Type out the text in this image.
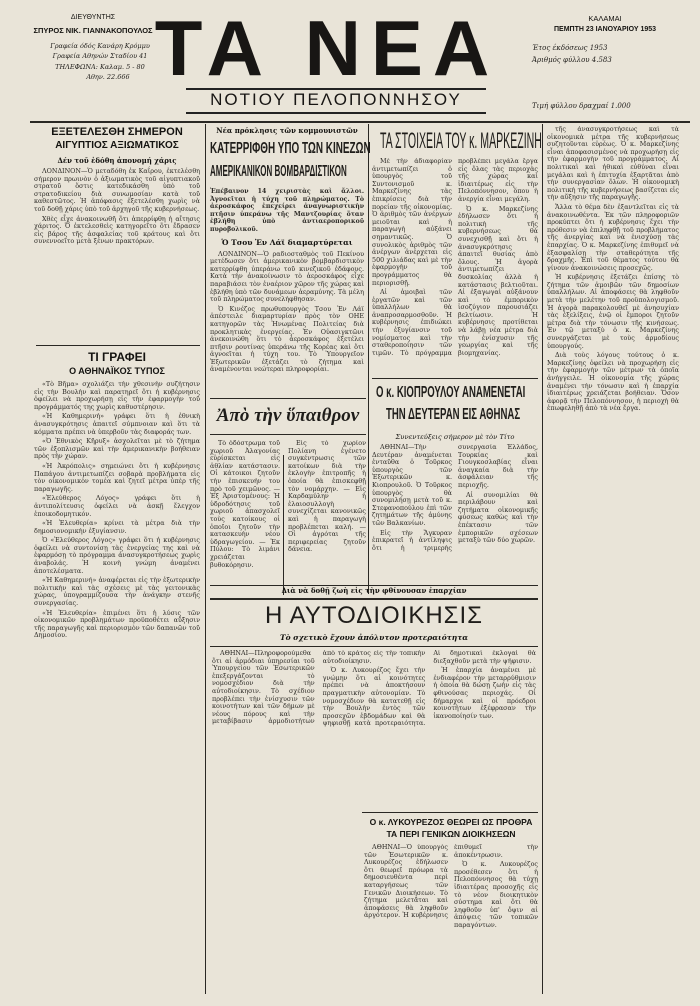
ΔΙΕΥΘΥΝΤΗΣ
ΣΠΥΡΟΣ ΝΙΚ. ΓΙΑΝΝΑΚΟΠΟΥΛΟΣ
Γραφεία όδός Κανάρη Κρόμμυ
Γραφεία Αθηνών Σταδίου 41
ΤΗΛΕΦΩΝΑ: Καλαμ. 5 - 80
Αθην. 22.666 ΤΑ ΝΕΑ
ΝΟΤΙΟΥ ΠΕΛΟΠΟΝΝΗΣΟΥ
ΚΑΛΑΜΑΙ
ΠΕΜΠΤΗ 23 ΙΑΝΟΥΑΡΙΟΥ 1953
Έτος έκδόσεως 1953
Άριθμός φύλλου 4.583
Τιμή φύλλου δραχμαί 1.000
ΕΞΕΤΕΛΕΣΘΗ ΣΗΜΕΡΟΝ
ΑΙΓΥΠΤΙΟΣ ΑΞΙΩΜΑΤΙΚΟΣ
Δέν τοῦ ἐδόθη ἀπονομή χάρις

ΛΟΝΔΙΝΟΝ—Ὁ μεταδόθη ἐκ Καΐρου, ἐκτελέσθη σήμερον πρωινὸν ὁ ἀξιωματικὸς τοῦ αἰγυπτιακοῦ στρατοῦ ὅστις κατεδικάσθη ὑπὸ τοῦ στρατοδικείου διὰ συνωμοσίαν κατὰ τοῦ καθεστῶτος. Ἡ ἀπόφασις ἐξετελέσθη χωρὶς νὰ τοῦ δοθῇ χάρις ὑπὸ τοῦ ἀρχηγοῦ τῆς κυβερνήσεως.

Χθὲς εἶχε ἀνακοινωθῆ ὅτι ἀπερρίφθη ἡ αἴτησις χάριτος. Ὁ ἐκτελεσθεὶς κατηγορεῖτο ὅτι ἔδρασεν εἰς βάρος τῆς ἀσφαλείας τοῦ κράτους καὶ ὅτι συνεννοεῖτο μετὰ ξένων πρακτόρων.

ΤΙ ΓΡΑΦΕΙ
Ο ΑΘΗΝΑΪΚΟΣ ΤΥΠΟΣ

«Τὸ Βῆμα» σχολιάζει τὴν χθεσινὴν συζήτησιν εἰς τὴν Βουλὴν καὶ παρατηρεῖ ὅτι ἡ κυβέρνησις ὀφείλει νὰ προχωρήσῃ εἰς τὴν ἐφαρμογὴν τοῦ προγράμματός της χωρὶς καθυστέρησιν.

«Ἡ Καθημερινή» γράφει ὅτι ἡ ἐθνικὴ ἀνασυγκρότησις ἀπαιτεῖ σύμπνοιαν καὶ ὅτι τὰ κόμματα πρέπει νὰ ὑπερβοῦν τὰς διαφοράς των.

«Ὁ Ἐθνικὸς Κῆρυξ» ἀσχολεῖται μὲ τὸ ζήτημα τῶν ἐξοπλισμῶν καὶ τὴν ἀμερικανικὴν βοήθειαν πρὸς τὴν χώραν.

«Ἡ Ἀκρόπολις» σημειώνει ὅτι ἡ κυβέρνησις Παπάγου ἀντιμετωπίζει σοβαρὰ προβλήματα εἰς τὸν οἰκονομικὸν τομέα καὶ ζητεῖ μέτρα ὑπὲρ τῆς παραγωγῆς.

«Ἐλεύθερος Λόγος» γράφει ὅτι ἡ ἀντιπολίτευσις ὀφείλει νὰ ἀσκῇ ἔλεγχον ἐποικοδομητικόν.

«Ἡ Ἐλευθερία» κρίνει τὰ μέτρα διὰ τὴν δημοσιονομικὴν ἐξυγίανσιν.

Ὁ «Ἐλεύθερος Λόγος» γράφει ὅτι ἡ κυβέρνησις ὀφείλει νὰ συντονίσῃ τὰς ἐνεργείας της καὶ νὰ ἐφαρμόσῃ τὸ πρόγραμμα ἀνασυγκροτήσεως χωρὶς ἀναβολάς. Ἡ κοινὴ γνώμη ἀναμένει ἀποτελέσματα.

«Ἡ Καθημερινή» ἀναφέρεται εἰς τὴν ἐξωτερικὴν πολιτικὴν καὶ τὰς σχέσεις μὲ τὰς γειτονικὰς χώρας, ὑπογραμμίζουσα τὴν ἀνάγκην στενῆς συνεργασίας.

«Ἡ Ἐλευθερία» ἐπιμένει ὅτι ἡ λύσις τῶν οἰκονομικῶν προβλημάτων προϋποθέτει αὔξησιν τῆς παραγωγῆς καὶ περιορισμὸν τῶν δαπανῶν τοῦ Δημοσίου.

Νέα πρόκλησις τῶν κομμουνιστῶν
ΚΑΤΕΡΡΙΦΘΗ ΥΠΟ ΤΩΝ ΚΙΝΕΖΩΝ
ΑΜΕΡΙΚΑΝΙΚΟΝ ΒΟΜΒΑΡΔΙΣΤΙΚΟΝ
Ἐπέβαινον 14 χειριστὰς καὶ ἄλλοι. Ἀγνοεῖται ἡ τύχη τοῦ πληρώματος. Τὸ ἀεροσκάφος ἐπεχείρει ἀναγνωριστικὴν πτῆσιν ὑπεράνω τῆς Μαντζουρίας ὅταν ἐβλήθη ὑπὸ ἀντιαεροπορικοῦ πυροβολικοῦ.
Ὁ Τσου Ἐν Λάϊ διαμαρτύρεται

ΛΟΝΔΙΝΟΝ—Ὁ ραδιοσταθμὸς τοῦ Πεκίνου μετέδωσεν ὅτι ἀμερικανικὸν βομβαρδιστικὸν κατερρίφθη ὑπεράνω τοῦ κινεζικοῦ ἐδάφους. Κατὰ τὴν ἀνακοίνωσιν τὸ ἀεροσκάφος εἶχε παραβιάσει τὸν ἐναέριον χῶρον τῆς χώρας καὶ ἐβλήθη ὑπὸ τῶν δυνάμεων ἀεραμύνης. Τὰ μέλη τοῦ πληρώματος συνελήφθησαν.

Ὁ Κινέζος πρωθυπουργὸς Τσου Ἐν Λάϊ ἀπέστειλε διαμαρτυρίαν πρὸς τὸν ΟΗΕ κατηγορῶν τὰς Ἡνωμένας Πολιτείας διὰ προκλητικὰς ἐνεργείας. Ἐν Οὐασιγκτῶνι ἀνεκοινώθη ὅτι τὸ ἀεροσκάφος ἐξετέλει πτῆσιν ρουτίνας ὑπεράνω τῆς Κορέας καὶ ὅτι ἀγνοεῖται ἡ τύχη του. Τὸ Ὑπουργεῖον Ἐξωτερικῶν ἐξετάζει τὸ ζήτημα καὶ ἀναμένονται νεώτεραι πληροφορίαι.

ΤΑ ΣΤΟΙΧΕΙΑ ΤΟΥ κ. ΜΑΡΚΕΖΙΝΗ

Μὲ τὴν ἀδιαφορίαν ἀντιμετωπίζει ὁ ὑπουργὸς τοῦ Συντονισμοῦ κ. Μαρκεζίνης τὰς ἐπικρίσεις διὰ τὴν πορείαν τῆς οἰκονομίας. Ὁ ἀριθμὸς τῶν ἀνέργων μειοῦται καὶ ἡ παραγωγὴ αὐξάνει σημαντικῶς. Ὁ συνολικὸς ἀριθμὸς τῶν ἀνέργων ἀνέρχεται εἰς 500 χιλιάδας καὶ μὲ τὴν ἐφαρμογὴν τοῦ προγράμματος θὰ περιορισθῇ.

Αἱ ἀμοιβαὶ τῶν ἐργατῶν καὶ τῶν ὑπαλλήλων θὰ ἀναπροσαρμοσθοῦν. Ἡ κυβέρνησις ἐπιδιώκει τὴν ἐξυγίανσιν τοῦ νομίσματος καὶ τὴν σταθεροποίησιν τῶν τιμῶν. Τὸ πρόγραμμα προβλέπει μεγάλα ἔργα εἰς ὅλας τὰς περιοχὰς τῆς χώρας καὶ ἰδιαιτέρως εἰς τὴν Πελοπόννησον, ὅπου ἡ ἀνεργία εἶναι μεγάλη.

Ὁ κ. Μαρκεζίνης ἐδήλωσεν ὅτι ἡ πολιτικὴ τῆς κυβερνήσεως θὰ συνεχισθῇ καὶ ὅτι ἡ ἀνασυγκρότησις ἀπαιτεῖ θυσίας ἀπὸ ὅλους. Ἡ ἀγορὰ ἀντιμετωπίζει δυσκολίας ἀλλὰ ἡ κατάστασις βελτιοῦται. Αἱ ἐξαγωγαὶ αὐξάνουν καὶ τὸ ἐμπορικὸν ἰσοζύγιον παρουσιάζει βελτίωσιν. Ἡ κυβέρνησις προτίθεται νὰ λάβῃ νέα μέτρα διὰ τὴν ἐνίσχυσιν τῆς γεωργίας καὶ τῆς βιομηχανίας.

Ο κ. ΚΙΟΠΡΟΥΛΟΥ ΑΝΑΜΕΝΕΤΑΙ
ΤΗΝ ΔΕΥΤΕΡΑΝ ΕΙΣ ΑΘΗΝΑΣ
Συνεντεύξεις σήμερον μὲ τὸν Τίτο

ΑΘΗΝΑΙ—Τὴν Δευτέραν ἀναμένεται ἐνταῦθα ὁ Τοῦρκος ὑπουργὸς τῶν Ἐξωτερικῶν κ. Κιοπρουλοῦ. Ὁ Τοῦρκος ὑπουργὸς θὰ συνομιλήσῃ μετὰ τοῦ κ. Στεφανοπούλου ἐπὶ τῶν ζητημάτων τῆς ἀμύνης τῶν Βαλκανίων.

Εἰς τὴν Ἄγκυραν ἐπικρατεῖ ἡ ἀντίληψις ὅτι ἡ τριμερὴς συνεργασία Ἑλλάδος, Τουρκίας καὶ Γιουγκοσλαβίας εἶναι ἀναγκαία διὰ τὴν ἀσφάλειαν τῆς περιοχῆς.

Αἱ συνομιλίαι θὰ περιλάβουν καὶ ζητήματα οἰκονομικῆς φύσεως καθὼς καὶ τὴν ἐπέκτασιν τῶν ἐμπορικῶν σχέσεων μεταξὺ τῶν δύο χωρῶν.

Ἀπὸ τὴν ὕπαιθρον

Τὸ ὁδόστρωμα τοῦ χωριοῦ Ἀλαγονίας εὑρίσκεται εἰς ἀθλίαν κατάστασιν. Οἱ κάτοικοι ζητοῦν τὴν ἐπισκευήν του πρὸ τοῦ χειμῶνος. — Ἐξ Ἀριστομένους: Ἡ ὑδροδότησις τοῦ χωριοῦ ἀπασχολεῖ τοὺς κατοίκους οἱ ὁποῖοι ζητοῦν τὴν κατασκευὴν νέου ὑδραγωγείου. — Ἐκ Πύλου: Τὸ λιμάνι χρειάζεται βυθοκόρησιν.

Εἰς τὸ χωρίον Πολίανη ἐγένετο συγκέντρωσις τῶν κατοίκων διὰ τὴν ἐκλογὴν ἐπιτροπῆς ἡ ὁποία θὰ ἐπισκεφθῇ τὸν νομάρχην. — Εἰς Καρδαμύλην ἡ ἐλαιοσυλλογὴ συνεχίζεται κανονικῶς καὶ ἡ παραγωγὴ προβλέπεται καλή. — Οἱ ἀγρόται τῆς περιφερείας ζητοῦν δάνεια.

Διὰ νὰ δοθῇ ζωὴ εἰς τὴν φθίνουσαν ἐπαρχίαν
Η ΑΥΤΟΔΙΟΙΚΗΣΙΣ
Τὸ σχετικὸ ἔχουν ἀπόλυτον προτεραιότητα

ΑΘΗΝΑΙ—Πληροφορούμεθα ὅτι αἱ ἁρμόδιαι ὑπηρεσίαι τοῦ Ὑπουργείου τῶν Ἐσωτερικῶν ἐπεξεργάζονται τὸ νομοσχέδιον διὰ τὴν αὐτοδιοίκησιν. Τὸ σχέδιον προβλέπει τὴν ἐνίσχυσιν τῶν κοινοτήτων καὶ τῶν δήμων μὲ νέους πόρους καὶ τὴν μεταβίβασιν ἁρμοδιοτήτων ἀπὸ τὸ κράτος εἰς τὴν τοπικὴν αὐτοδιοίκησιν.

Ὁ κ. Λυκουρέζος ἔχει τὴν γνώμην ὅτι αἱ κοινότητες πρέπει νὰ ἀποκτήσουν πραγματικὴν αὐτονομίαν. Τὸ νομοσχέδιον θὰ κατατεθῇ εἰς τὴν Βουλὴν ἐντὸς τῶν προσεχῶν ἑβδομάδων καὶ θὰ ψηφισθῇ κατὰ προτεραιότητα. Αἱ δημοτικαὶ ἐκλογαὶ θὰ διεξαχθοῦν μετὰ τὴν ψήφισιν.

Ἡ ἐπαρχία ἀναμένει μὲ ἐνδιαφέρον τὴν μεταρρύθμισιν ἡ ὁποία θὰ δώσῃ ζωὴν εἰς τὰς φθινούσας περιοχάς. Οἱ δήμαρχοι καὶ οἱ πρόεδροι κοινοτήτων ἐξέφρασαν τὴν ἱκανοποίησίν των.

Ο κ. ΛΥΚΟΥΡΕΖΟΣ ΘΕΩΡΕΙ ΩΣ ΠΡΟΘΡΑ
ΤΑ ΠΕΡΙ ΓΕΝΙΚΩΝ ΔΙΟΙΚΗΣΕΩΝ

ΑΘΗΝΑΙ—Ὁ ὑπουργὸς τῶν Ἐσωτερικῶν κ. Λυκουρέζος ἐδήλωσεν ὅτι θεωρεῖ πρόωρα τὰ δημοσιευθέντα περὶ καταργήσεως τῶν Γενικῶν Διοικήσεων. Τὸ ζήτημα μελετᾶται καὶ ἀποφάσεις θὰ ληφθοῦν ἀργότερον. Ἡ κυβέρνησις ἐπιθυμεῖ τὴν ἀποκέντρωσιν.

Ὁ κ. Λυκουρέζος προσέθεσεν ὅτι ἡ Πελοπόννησος θὰ τύχῃ ἰδιαιτέρας προσοχῆς εἰς τὸ νέον διοικητικὸν σύστημα καὶ ὅτι θὰ ληφθοῦν ὑπ' ὄψιν αἱ ἀπόψεις τῶν τοπικῶν παραγόντων.

τῆς ἀνασυγκροτήσεως καὶ τὰ οἰκονομικὰ μέτρα τῆς κυβερνήσεως συζητοῦνται εὐρέως. Ὁ κ. Μαρκεζίνης εἶναι ἀποφασισμένος νὰ προχωρήσῃ εἰς τὴν ἐφαρμογὴν τοῦ προγράμματος. Αἱ πολιτικαὶ καὶ ἠθικαὶ εὐθύναι εἶναι μεγάλαι καὶ ἡ ἐπιτυχία ἐξαρτᾶται ἀπὸ τὴν συνεργασίαν ὅλων. Ἡ οἰκονομικὴ πολιτικὴ τῆς κυβερνήσεως βασίζεται εἰς τὴν αὔξησιν τῆς παραγωγῆς.

Ἄλλα τὸ θέμα δὲν ἐξαντλεῖται εἰς τὰ ἀνακοινωθέντα. Ἐκ τῶν πληροφοριῶν προκύπτει ὅτι ἡ κυβέρνησις ἔχει τὴν πρόθεσιν νὰ ἐπιληφθῇ τοῦ προβλήματος τῆς ἀνεργίας καὶ νὰ ἐνισχύσῃ τὰς ἐπαρχίας. Ὁ κ. Μαρκεζίνης ἐπιθυμεῖ νὰ ἐξασφαλίσῃ τὴν σταθερότητα τῆς δραχμῆς. Ἐπὶ τοῦ θέματος τούτου θὰ γίνουν ἀνακοινώσεις προσεχῶς.

Ἡ κυβέρνησις ἐξετάζει ἐπίσης τὸ ζήτημα τῶν ἀμοιβῶν τῶν δημοσίων ὑπαλλήλων. Αἱ ἀποφάσεις θὰ ληφθοῦν μετὰ τὴν μελέτην τοῦ προϋπολογισμοῦ. Ἡ ἀγορὰ παρακολουθεῖ μὲ ἀνησυχίαν τὰς ἐξελίξεις, ἐνῷ οἱ ἔμποροι ζητοῦν μέτρα διὰ τὴν τόνωσιν τῆς κινήσεως. Ἐν τῷ μεταξὺ ὁ κ. Μαρκεζίνης συνεργάζεται μὲ τοὺς ἁρμοδίους ὑπουργούς.

Διὰ τοὺς λόγους τούτους ὁ κ. Μαρκεζίνης ὀφείλει νὰ προχωρήσῃ εἰς τὴν ἐφαρμογὴν τῶν μέτρων τὰ ὁποῖα ἀνήγγειλε. Ἡ οἰκονομία τῆς χώρας ἀναμένει τὴν τόνωσιν καὶ ἡ ἐπαρχία ἰδιαιτέρως χρειάζεται βοήθειαν. Ὅσον ἀφορᾷ τὴν Πελοπόννησον, ἡ περιοχὴ θὰ ἐπωφεληθῇ ἀπὸ τὰ νέα ἔργα.
